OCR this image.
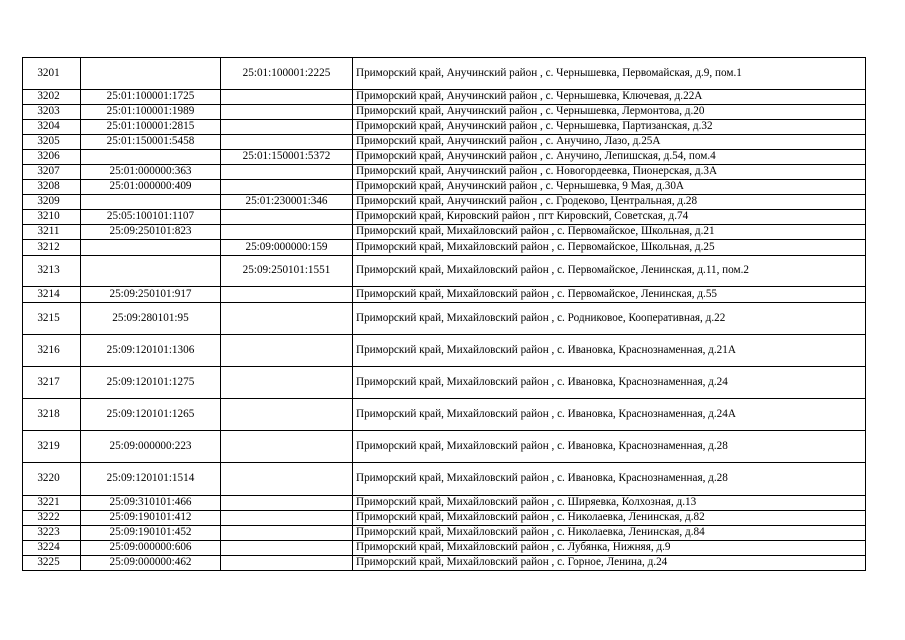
3201		25:01:100001:2225	Приморский край, Анучинский район , с. Чернышевка, Первомайская, д.9, пом.1
3202	25:01:100001:1725		Приморский край, Анучинский район , с. Чернышевка, Ключевая, д.22А
3203	25:01:100001:1989		Приморский край, Анучинский район , с. Чернышевка, Лермонтова, д.20
3204	25:01:100001:2815		Приморский край, Анучинский район , с. Чернышевка, Партизанская, д.32
3205	25:01:150001:5458		Приморский край, Анучинский район , с. Анучино, Лазо, д.25А
3206		25:01:150001:5372	Приморский край, Анучинский район , с. Анучино, Лепишская, д.54, пом.4
3207	25:01:000000:363		Приморский край, Анучинский район , с. Новогордеевка, Пионерская, д.3А
3208	25:01:000000:409		Приморский край, Анучинский район , с. Чернышевка, 9 Мая, д.30А
3209		25:01:230001:346	Приморский край, Анучинский район , с. Гродеково, Центральная, д.28
3210	25:05:100101:1107		Приморский край, Кировский район , пгт Кировский, Советская, д.74
3211	25:09:250101:823		Приморский край, Михайловский район , с. Первомайское, Школьная, д.21
3212		25:09:000000:159	Приморский край, Михайловский район , с. Первомайское, Школьная, д.25
3213		25:09:250101:1551	Приморский край, Михайловский район , с. Первомайское, Ленинская, д.11, пом.2
3214	25:09:250101:917		Приморский край, Михайловский район , с. Первомайское, Ленинская, д.55
3215	25:09:280101:95		Приморский край, Михайловский район , с. Родниковое, Кооперативная, д.22
3216	25:09:120101:1306		Приморский край, Михайловский район , с. Ивановка, Краснознаменная, д.21А
3217	25:09:120101:1275		Приморский край, Михайловский район , с. Ивановка, Краснознаменная, д.24
3218	25:09:120101:1265		Приморский край, Михайловский район , с. Ивановка, Краснознаменная, д.24А
3219	25:09:000000:223		Приморский край, Михайловский район , с. Ивановка, Краснознаменная, д.28
3220	25:09:120101:1514		Приморский край, Михайловский район , с. Ивановка, Краснознаменная, д.28
3221	25:09:310101:466		Приморский край, Михайловский район , с. Ширяевка, Колхозная, д.13
3222	25:09:190101:412		Приморский край, Михайловский район , с. Николаевка, Ленинская, д.82
3223	25:09:190101:452		Приморский край, Михайловский район , с. Николаевка, Ленинская, д.84
3224	25:09:000000:606		Приморский край, Михайловский район , с. Лубянка, Нижняя, д.9
3225	25:09:000000:462		Приморский край, Михайловский район , с. Горное, Ленина, д.24
